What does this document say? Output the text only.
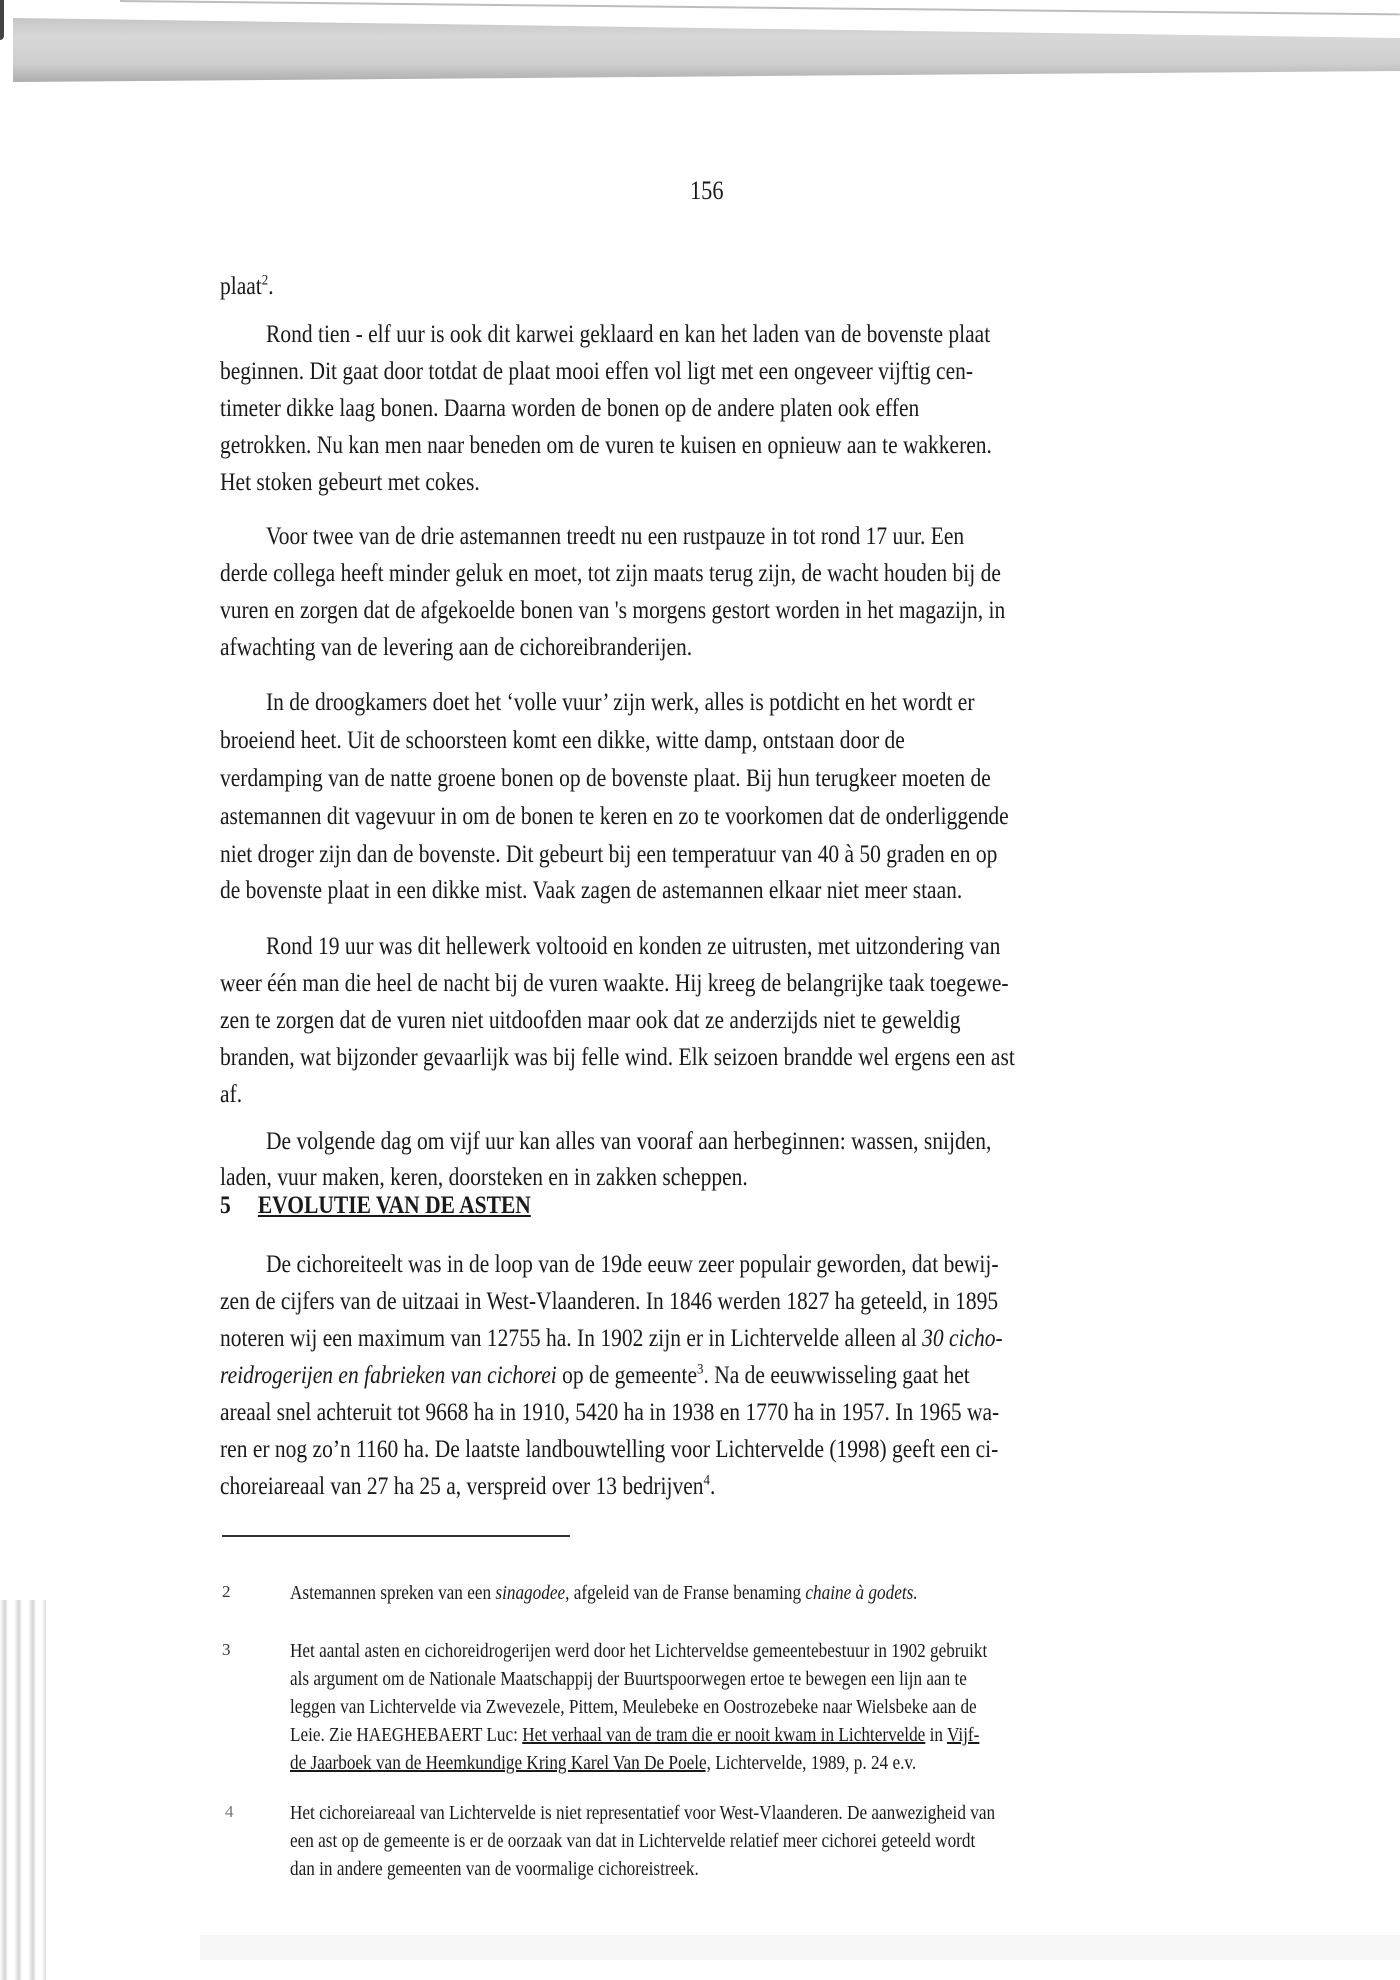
156
plaat$^2$.
Rond tien - elf uur is ook dit karwei geklaard en kan het laden van de bovenste plaat
beginnen. Dit gaat door totdat de plaat mooi effen vol ligt met een ongeveer vijftig cen-
timeter dikke laag bonen. Daarna worden de bonen op de andere platen ook effen
getrokken. Nu kan men naar beneden om de vuren te kuisen en opnieuw aan te wakkeren.
Het stoken gebeurt met cokes.
Voor twee van de drie astemannen treedt nu een rustpauze in tot rond 17 uur. Een
derde collega heeft minder geluk en moet, tot zijn maats terug zijn, de wacht houden bij de
vuren en zorgen dat de afgekoelde bonen van 's morgens gestort worden in het magazijn, in
afwachting van de levering aan de cichoreibranderijen.
In de droogkamers doet het ‘volle vuur’ zijn werk, alles is potdicht en het wordt er
broeiend heet. Uit de schoorsteen komt een dikke, witte damp, ontstaan door de
verdamping van de natte groene bonen op de bovenste plaat. Bij hun terugkeer moeten de
astemannen dit vagevuur in om de bonen te keren en zo te voorkomen dat de onderliggende
niet droger zijn dan de bovenste. Dit gebeurt bij een temperatuur van 40 à 50 graden en op
de bovenste plaat in een dikke mist. Vaak zagen de astemannen elkaar niet meer staan.
Rond 19 uur was dit hellewerk voltooid en konden ze uitrusten, met uitzondering van
weer één man die heel de nacht bij de vuren waakte. Hij kreeg de belangrijke taak toegewe-
zen te zorgen dat de vuren niet uitdoofden maar ook dat ze anderzijds niet te geweldig
branden, wat bijzonder gevaarlijk was bij felle wind. Elk seizoen brandde wel ergens een ast
af.
De volgende dag om vijf uur kan alles van vooraf aan herbeginnen: wassen, snijden,
laden, vuur maken, keren, doorsteken en in zakken scheppen.
5 EVOLUTIE VAN DE ASTEN
De cichoreiteelt was in de loop van de 19de eeuw zeer populair geworden, dat bewij-
zen de cijfers van de uitzaai in West-Vlaanderen. In 1846 werden 1827 ha geteeld, in 1895
noteren wij een maximum van 12755 ha. In 1902 zijn er in Lichtervelde alleen al 30 cicho-
reidrogerijen en fabrieken van cichorei op de gemeente$^3$. Na de eeuwwisseling gaat het
areaal snel achteruit tot 9668 ha in 1910, 5420 ha in 1938 en 1770 ha in 1957. In 1965 wa-
ren er nog zo’n 1160 ha. De laatste landbouwtelling voor Lichtervelde (1998) geeft een ci-
choreiareaal van 27 ha 25 a, verspreid over 13 bedrijven$^4$.
2	Astemannen spreken van een sinagodee, afgeleid van de Franse benaming chaine à godets.
3	Het aantal asten en cichoreidrogerijen werd door het Lichterveldse gemeentebestuur in 1902 gebruikt
als argument om de Nationale Maatschappij der Buurtspoorwegen ertoe te bewegen een lijn aan te
leggen van Lichtervelde via Zwevezele, Pittem, Meulebeke en Oostrozebeke naar Wielsbeke aan de
Leie. Zie HAEGHEBAERT Luc: Het verhaal van de tram die er nooit kwam in Lichtervelde in Vijf-
de Jaarboek van de Heemkundige Kring Karel Van De Poele, Lichtervelde, 1989, p. 24 e.v.
4	Het cichoreiareaal van Lichtervelde is niet representatief voor West-Vlaanderen. De aanwezigheid van
een ast op de gemeente is er de oorzaak van dat in Lichtervelde relatief meer cichorei geteeld wordt
dan in andere gemeenten van de voormalige cichoreistreek.
